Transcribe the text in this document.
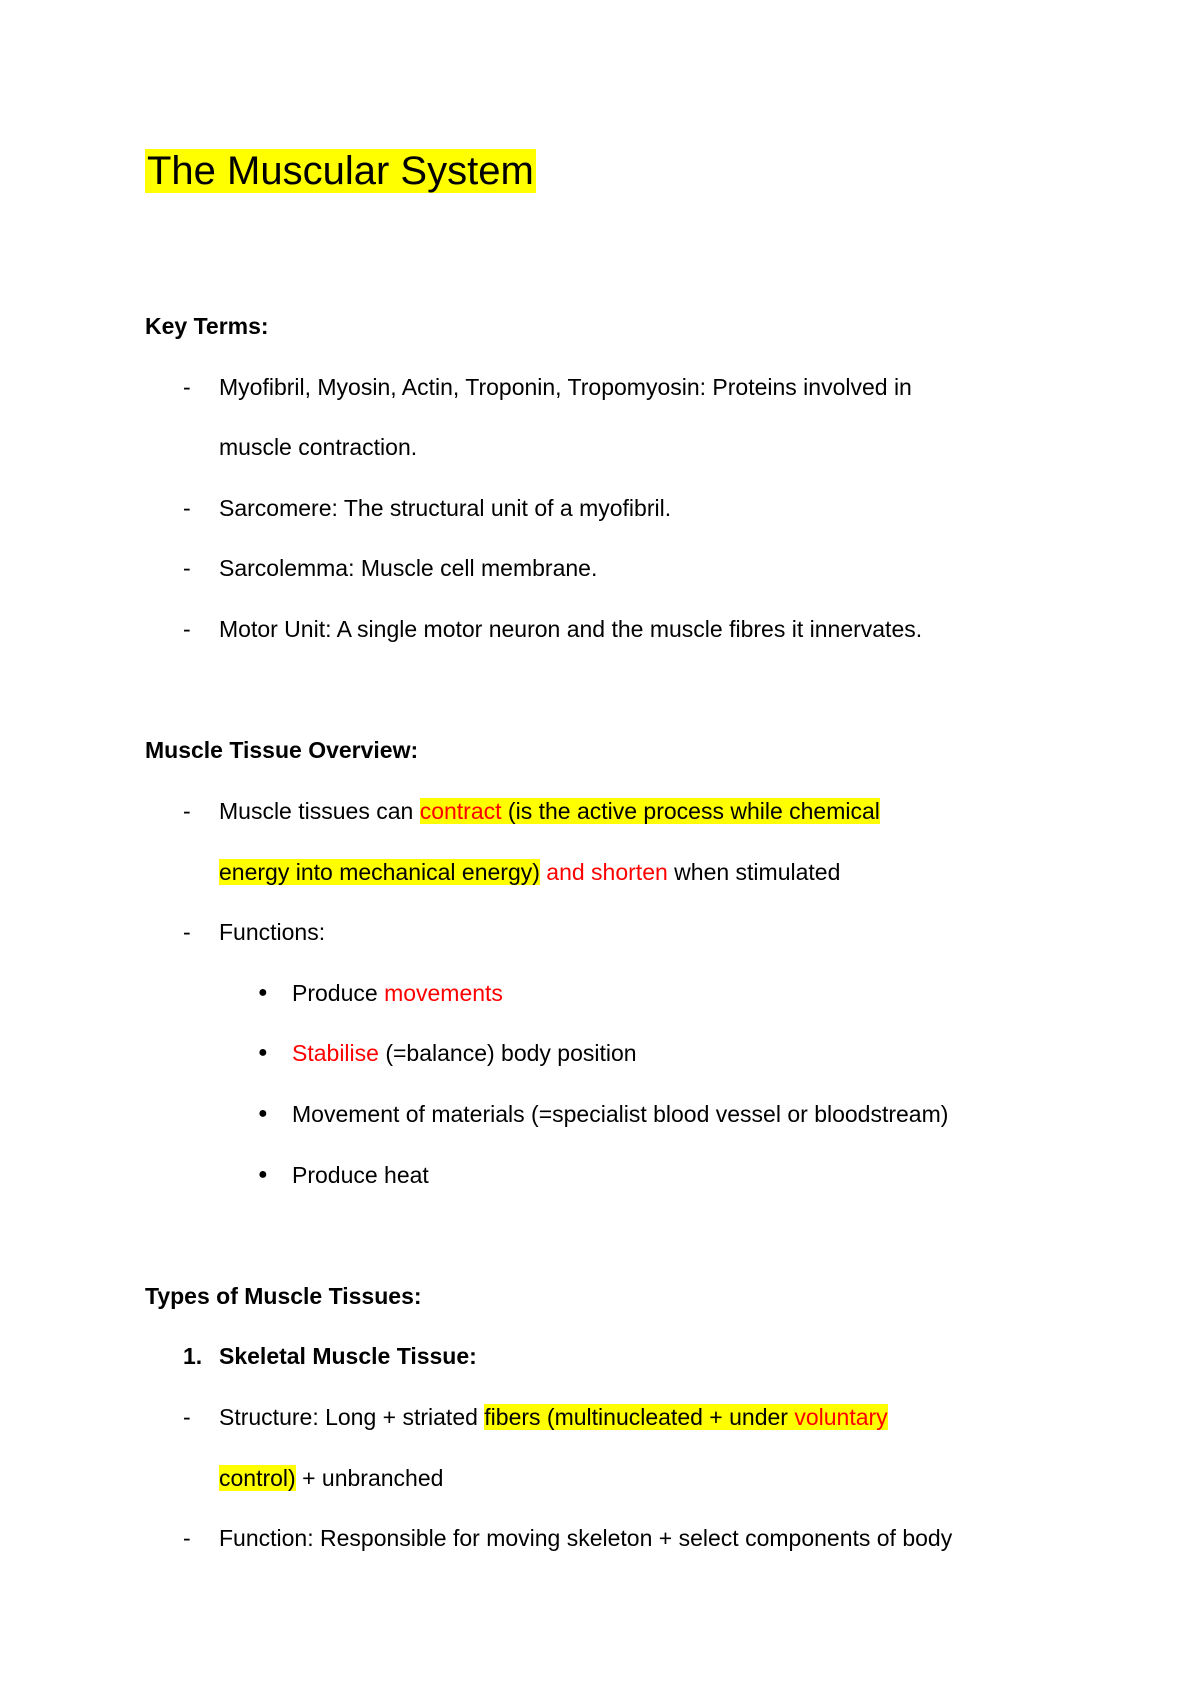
The Muscular System
Key Terms:
- Myofibril, Myosin, Actin, Troponin, Tropomyosin: Proteins involved in
muscle contraction.
- Sarcomere: The structural unit of a myofibril.
- Sarcolemma: Muscle cell membrane.
- Motor Unit: A single motor neuron and the muscle fibres it innervates.
Muscle Tissue Overview:
- Muscle tissues can contract (is the active process while chemical
energy into mechanical energy) and shorten when stimulated
- Functions:
● Produce movements
● Stabilise (=balance) body position
● Movement of materials (=specialist blood vessel or bloodstream)
● Produce heat
Types of Muscle Tissues:
1. Skeletal Muscle Tissue:
- Structure: Long + striated fibers (multinucleated + under voluntary
control) + unbranched
- Function: Responsible for moving skeleton + select components of body
